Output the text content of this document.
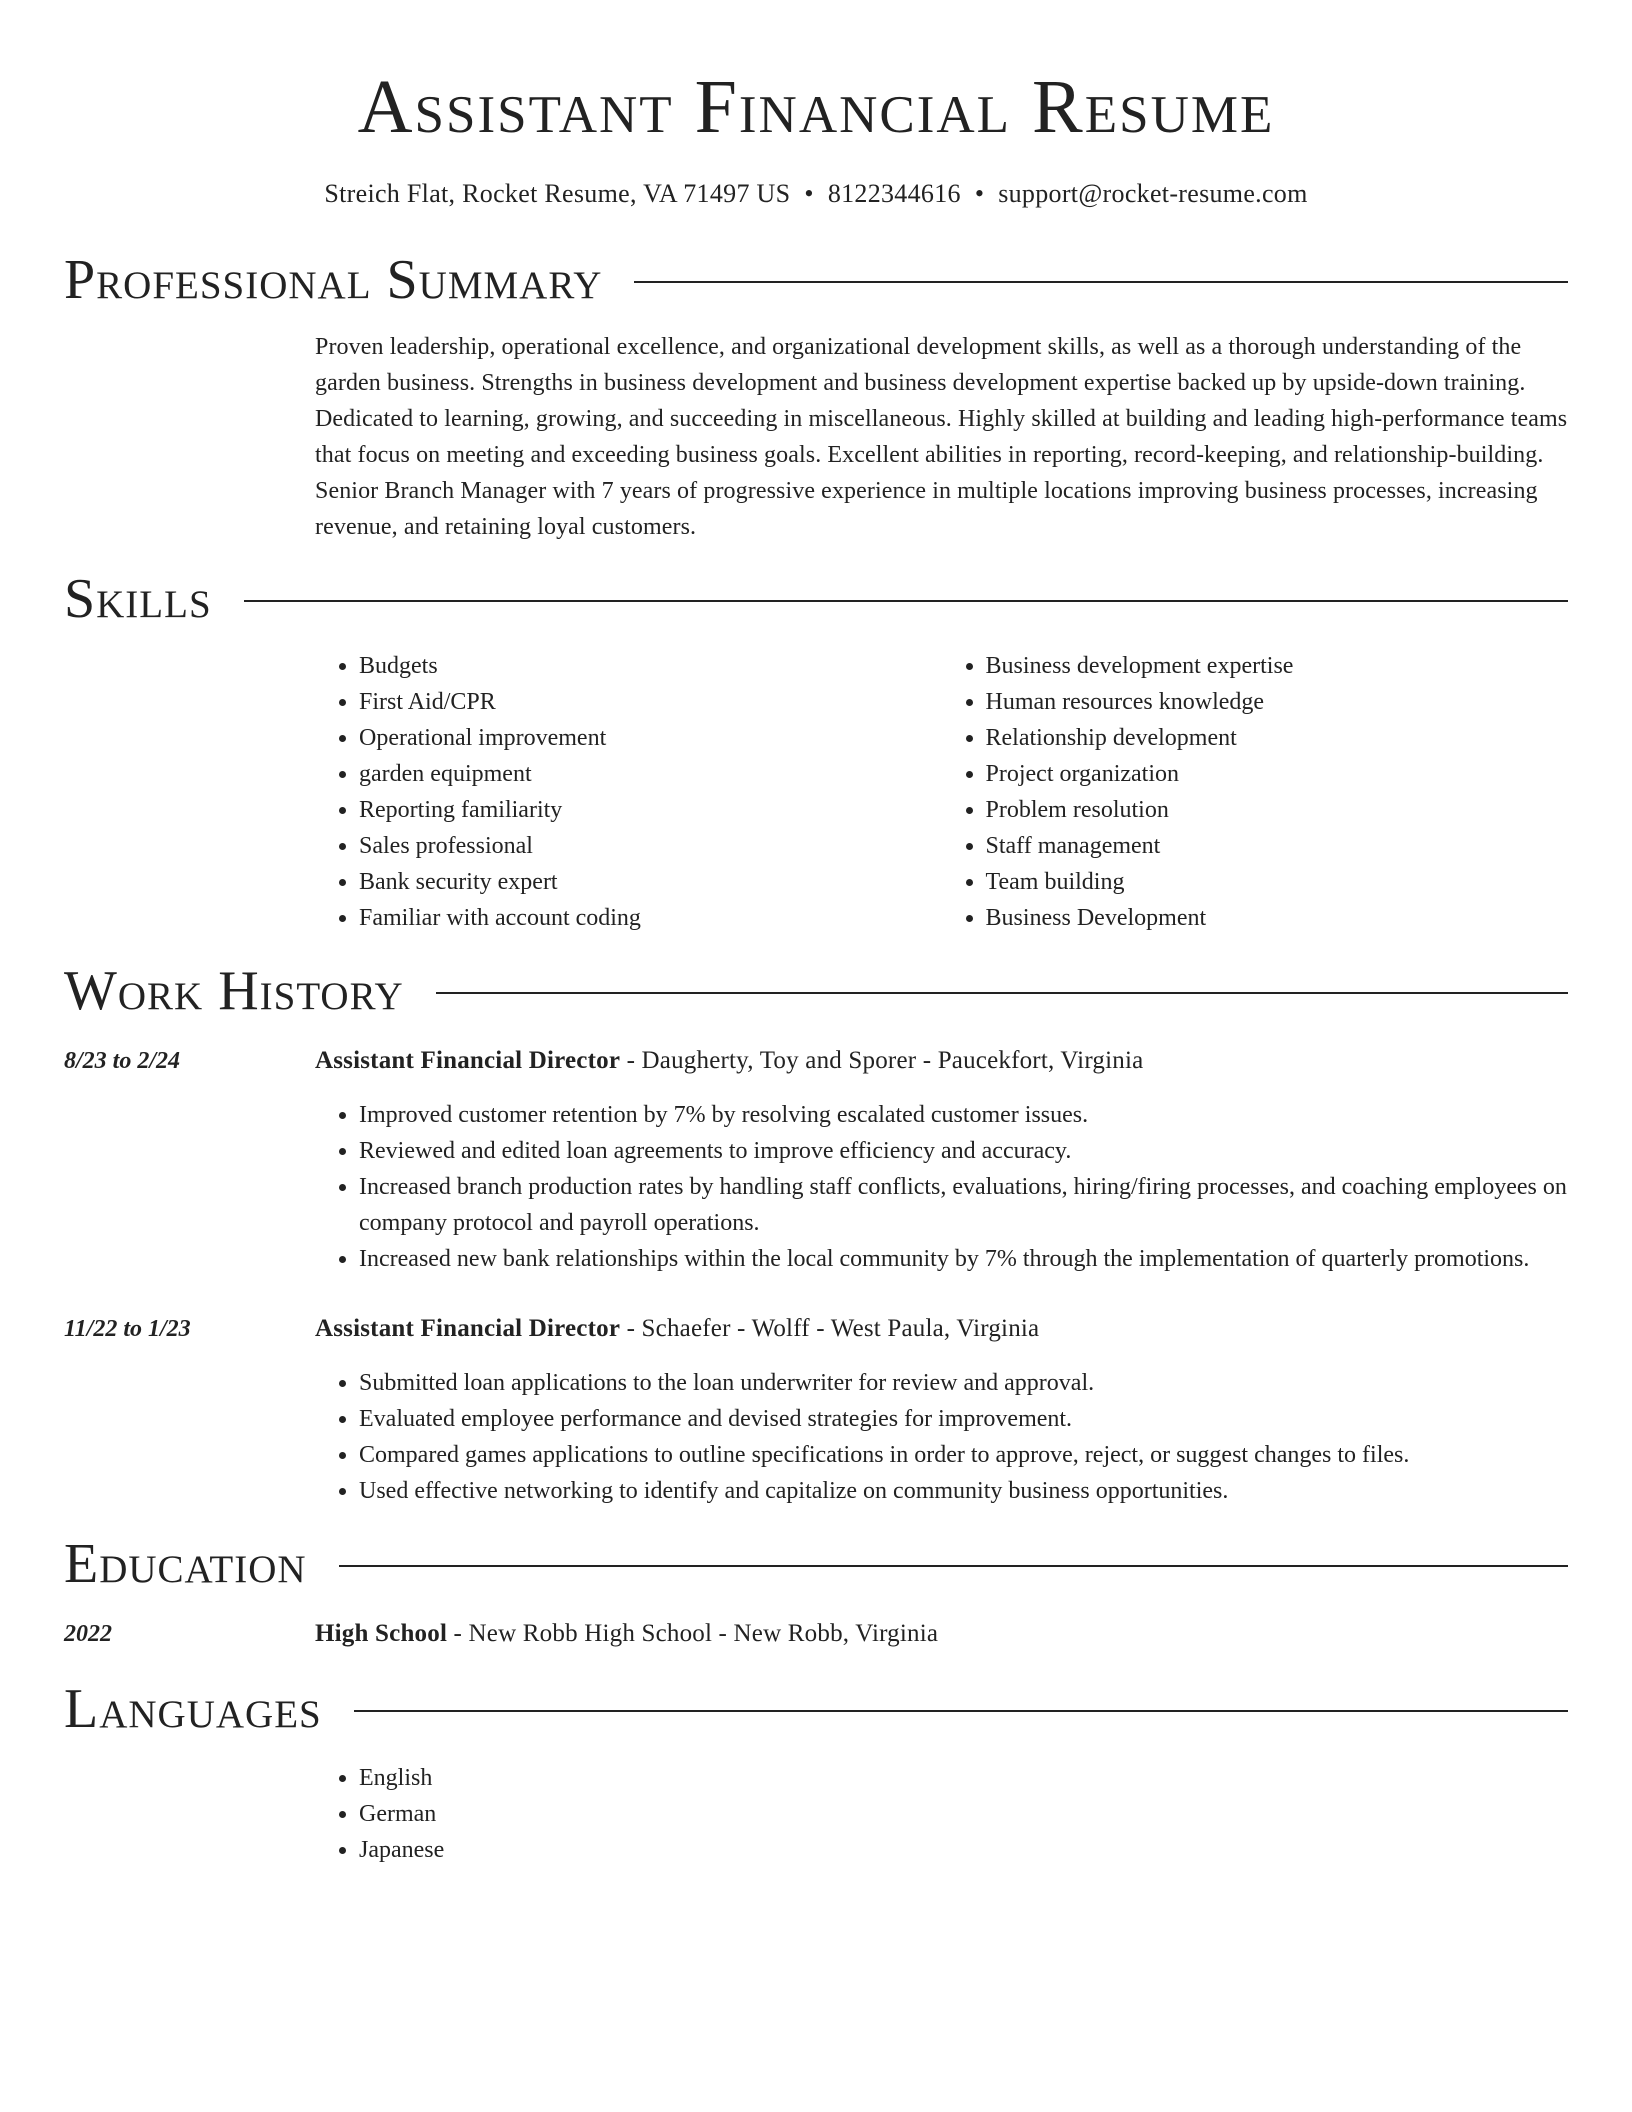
Assistant Financial Resume
Streich Flat, Rocket Resume, VA 71497 US • 8122344616 • support@rocket-resume.com
Professional Summary
Proven leadership, operational excellence, and organizational development skills, as well as a thorough understanding of the garden business. Strengths in business development and business development expertise backed up by upside-down training. Dedicated to learning, growing, and succeeding in miscellaneous. Highly skilled at building and leading high-performance teams that focus on meeting and exceeding business goals. Excellent abilities in reporting, record-keeping, and relationship-building. Senior Branch Manager with 7 years of progressive experience in multiple locations improving business processes, increasing revenue, and retaining loyal customers.
Skills
• Budgets
• First Aid/CPR
• Operational improvement
• garden equipment
• Reporting familiarity
• Sales professional
• Bank security expert
• Familiar with account coding
• Business development expertise
• Human resources knowledge
• Relationship development
• Project organization
• Problem resolution
• Staff management
• Team building
• Business Development
Work History
8/23 to 2/24	Assistant Financial Director - Daugherty, Toy and Sporer - Paucekfort, Virginia
• Improved customer retention by 7% by resolving escalated customer issues.
• Reviewed and edited loan agreements to improve efficiency and accuracy.
• Increased branch production rates by handling staff conflicts, evaluations, hiring/firing processes, and coaching employees on company protocol and payroll operations.
• Increased new bank relationships within the local community by 7% through the implementation of quarterly promotions.
11/22 to 1/23	Assistant Financial Director - Schaefer - Wolff - West Paula, Virginia
• Submitted loan applications to the loan underwriter for review and approval.
• Evaluated employee performance and devised strategies for improvement.
• Compared games applications to outline specifications in order to approve, reject, or suggest changes to files.
• Used effective networking to identify and capitalize on community business opportunities.
Education
2022	High School - New Robb High School - New Robb, Virginia
Languages
• English
• German
• Japanese
